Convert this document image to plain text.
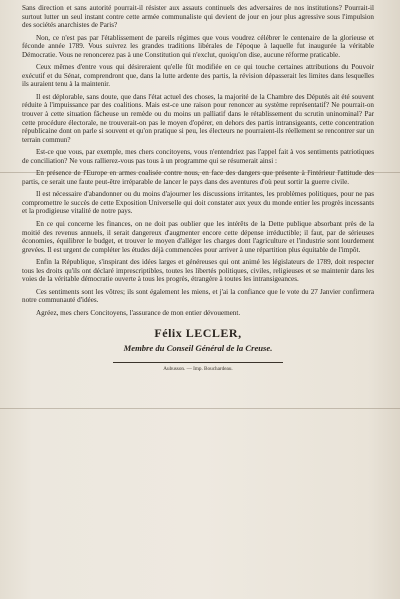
Sans direction et sans autorité pourrait-il résister aux assauts continuels des adversaires de nos institutions? Pourrait-il surtout lutter un seul instant contre cette armée communaliste qui devient de jour en jour plus agressive sous l'impulsion des sociétés anarchistes de Paris?

Non, ce n'est pas par l'établissement de pareils régimes que vous voudrez célébrer le centenaire de la glorieuse et féconde année 1789. Vous suivrez les grandes traditions libérales de l'époque à laquelle fut inaugurée la véritable Démocratie. Vous ne renoncerez pas à une Constitution qui n'exclut, quoiqu'on dise, aucune réforme praticable.

Ceux mêmes d'entre vous qui désireraient qu'elle fût modifiée en ce qui touche certaines attributions du Pouvoir exécutif et du Sénat, comprendront que, dans la lutte ardente des partis, la révision dépasserait les limites dans lesquelles ils auraient tenu à la maintenir.

Il est déplorable, sans doute, que dans l'état actuel des choses, la majorité de la Chambre des Députés ait été souvent réduite à l'impuissance par des coalitions. Mais est-ce une raison pour renoncer au système représentatif? Ne pourrait-on trouver à cette situation fâcheuse un remède ou du moins un palliatif dans le rétablissement du scrutin uninominal? Par cette procédure électorale, ne trouverait-on pas le moyen d'opérer, en dehors des partis intransigeants, cette concentration républicaine dont on parle si souvent et qu'on pratique si peu, les électeurs ne pourraient-ils réellement se rencontrer sur un terrain commun?

Est-ce que vous, par exemple, mes chers concitoyens, vous n'entendriez pas l'appel fait à vos sentiments patriotiques de conciliation? Ne vous rallierez-vous pas tous à un programme qui se résumerait ainsi :

En présence de l'Europe en armes coalisée contre nous, en face des dangers que présente à l'intérieur l'attitude des partis, ce serait une faute peut-être irréparable de lancer le pays dans des aventures d'où peut sortir la guerre civile.

Il est nécessaire d'abandonner ou du moins d'ajourner les discussions irritantes, les problèmes politiques, pour ne pas compromettre le succès de cette Exposition Universelle qui doit constater aux yeux du monde entier les progrès incessants et la prodigieuse vitalité de notre pays.

En ce qui concerne les finances, on ne doit pas oublier que les intérêts de la Dette publique absorbant près de la moitié des revenus annuels, il serait dangereux d'augmenter encore cette dépense irréductible; il faut, par de sérieuses économies, équilibrer le budget, et trouver le moyen d'alléger les charges dont l'agriculture et l'industrie sont lourdement grevées. Il est urgent de compléter les études déjà commencées pour arriver à une répartition plus équitable de l'impôt.

Enfin la République, s'inspirant des idées larges et généreuses qui ont animé les législateurs de 1789, doit respecter tous les droits qu'ils ont déclaré imprescriptibles, toutes les libertés politiques, civiles, religieuses et se maintenir dans les voies de la véritable démocratie ouverte à tous les progrès, étrangère à toutes les intransigeances.

Ces sentiments sont les vôtres; ils sont également les miens, et j'ai la confiance que le vote du 27 Janvier confirmera notre communauté d'idées.

Agréez, mes chers Concitoyens, l'assurance de mon entier dévouement.

Félix LECLER,
Membre du Conseil Général de la Creuse.
Aubusson. — Imp. Bouchardeau.
